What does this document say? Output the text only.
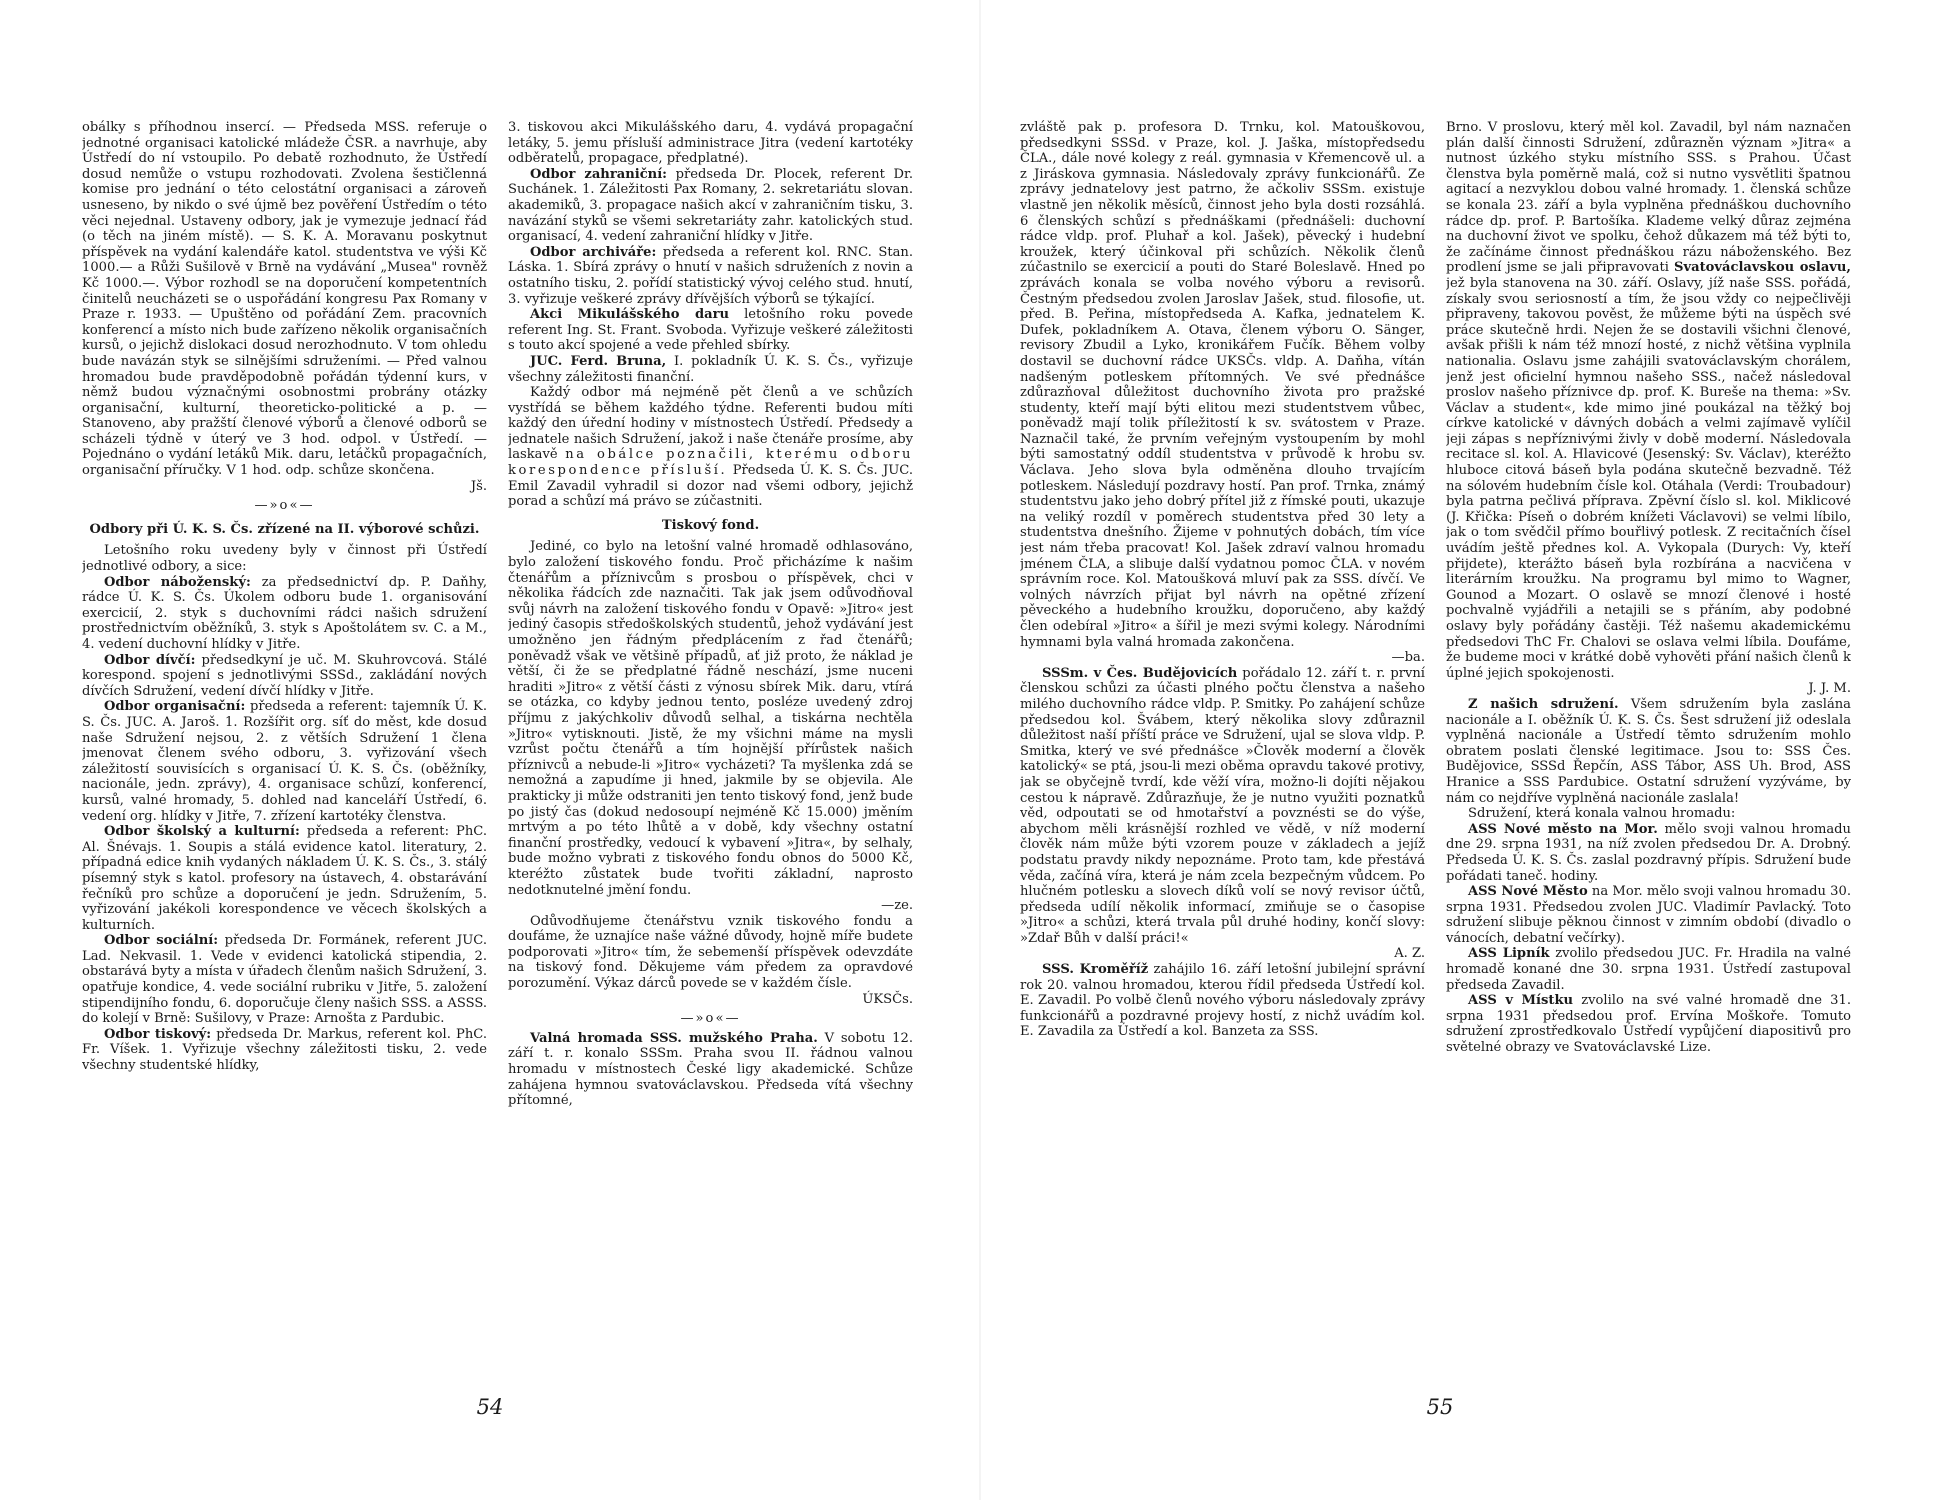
obálky s příhodnou insercí. — Předseda MSS. referuje o jednotné organisaci katolické mládeže ČSR. a navrhuje, aby Ústředí do ní vstoupilo. Po debatě rozhodnuto, že Ústředí dosud nemůže o vstupu rozhodovati. Zvolena šestičlenná komise pro jednání o této celostátní organisaci a zároveň usneseno, by nikdo o své újmě bez pověření Ústředím o této věci nejednal. Ustaveny odbory, jak je vymezuje jednací řád (o těch na jiném místě). — S. K. A. Moravanu poskytnut příspěvek na vydání kalendáře katol. studentstva ve výši Kč 1000.— a Růži Sušilově v Brně na vydávání „Musea" rovněž Kč 1000.—. Výbor rozhodl se na doporučení kompetentních činitelů neucházeti se o uspořádání kongresu Pax Romany v Praze r. 1933. — Upuštěno od pořádání Zem. pracovních konferencí a místo nich bude zařízeno několik organisačních kursů, o jejichž dislokaci dosud nerozhodnuto. V tom ohledu bude navázán styk se silnějšími sdruženími. — Před valnou hromadou bude pravděpodobně pořádán týdenní kurs, v němž budou význačnými osobnostmi probrány otázky organisační, kulturní, theoreticko-politické a p. — Stanoveno, aby pražští členové výborů a členové odborů se scházeli týdně v úterý ve 3 hod. odpol. v Ústředí. — Pojednáno o vydání letáků Mik. daru, letáčků propagačních, organisační příručky. V 1 hod. odp. schůze skončena.

Jš.

—»o«—

Odbory při Ú. K. S. Čs. zřízené na II. výborové schůzi.

Letošního roku uvedeny byly v činnost při Ústředí jednotlivé odbory, a sice:

Odbor náboženský: za předsednictví dp. P. Daňhy, rádce Ú. K. S. Čs. Úkolem odboru bude 1. organisování exercicií, 2. styk s duchovními rádci našich sdružení prostřednictvím oběžníků, 3. styk s Apoštolátem sv. C. a M., 4. vedení duchovní hlídky v Jitře.

Odbor dívčí: předsedkyní je uč. M. Skuhrovcová. Stálé korespond. spojení s jednotlivými SSSd., zakládání nových dívčích Sdružení, vedení dívčí hlídky v Jitře.

Odbor organisační: předseda a referent: tajemník Ú. K. S. Čs. JUC. A. Jaroš. 1. Rozšířit org. síť do měst, kde dosud naše Sdružení nejsou, 2. z větších Sdružení 1 člena jmenovat členem svého odboru, 3. vyřizování všech záležitostí souvisících s organisací Ú. K. S. Čs. (oběžníky, nacionále, jedn. zprávy), 4. organisace schůzí, konferencí, kursů, valné hromady, 5. dohled nad kanceláří Ústředí, 6. vedení org. hlídky v Jitře, 7. zřízení kartotéky členstva.

Odbor školský a kulturní: předseda a referent: PhC. Al. Šnévajs. 1. Soupis a stálá evidence katol. literatury, 2. případná edice knih vydaných nákladem Ú. K. S. Čs., 3. stálý písemný styk s katol. profesory na ústavech, 4. obstarávání řečníků pro schůze a doporučení je jedn. Sdružením, 5. vyřizování jakékoli korespondence ve věcech školských a kulturních.

Odbor sociální: předseda Dr. Formánek, referent JUC. Lad. Nekvasil. 1. Vede v evidenci katolická stipendia, 2. obstarává byty a místa v úřadech členům našich Sdružení, 3. opatřuje kondice, 4. vede sociální rubriku v Jitře, 5. založení stipendijního fondu, 6. doporučuje členy našich SSS. a ASSS. do kolejí v Brně: Sušilovy, v Praze: Arnošta z Pardubic.

Odbor tiskový: předseda Dr. Markus, referent kol. PhC. Fr. Víšek. 1. Vyřizuje všechny záležitosti tisku, 2. vede všechny studentské hlídky,

3. tiskovou akci Mikulášského daru, 4. vydává propagační letáky, 5. jemu přísluší administrace Jitra (vedení kartotéky odběratelů, propagace, předplatné).

Odbor zahraniční: předseda Dr. Plocek, referent Dr. Suchánek. 1. Záležitosti Pax Romany, 2. sekretariátu slovan. akademiků, 3. propagace našich akcí v zahraničním tisku, 3. navázání styků se všemi sekretariáty zahr. katolických stud. organisací, 4. vedení zahraniční hlídky v Jitře.

Odbor archiváře: předseda a referent kol. RNC. Stan. Láska. 1. Sbírá zprávy o hnutí v našich sdruženích z novin a ostatního tisku, 2. pořídí statistický vývoj celého stud. hnutí, 3. vyřizuje veškeré zprávy dřívějších výborů se týkající.

Akci Mikulášského daru letošního roku povede referent Ing. St. Frant. Svoboda. Vyřizuje veškeré záležitosti s touto akcí spojené a vede přehled sbírky.

JUC. Ferd. Bruna, I. pokladník Ú. K. S. Čs., vyřizuje všechny záležitosti finanční.

Každý odbor má nejméně pět členů a ve schůzích vystřídá se během každého týdne. Referenti budou míti každý den úřední hodiny v místnostech Ústředí. Předsedy a jednatele našich Sdružení, jakož i naše čtenáře prosíme, aby laskavě na obálce poznačili, kterému odboru korespondence přísluší. Předseda Ú. K. S. Čs. JUC. Emil Zavadil vyhradil si dozor nad všemi odbory, jejichž porad a schůzí má právo se zúčastniti.

Tiskový fond.

Jediné, co bylo na letošní valné hromadě odhlasováno, bylo založení tiskového fondu. Proč přicházíme k našim čtenářům a příznivcům s prosbou o příspěvek, chci v několika řádcích zde naznačiti. Tak jak jsem odůvodňoval svůj návrh na založení tiskového fondu v Opavě: »Jitro« jest jediný časopis středoškolských studentů, jehož vydávání jest umožněno jen řádným předplácením z řad čtenářů; poněvadž však ve většině případů, ať již proto, že náklad je větší, či že se předplatné řádně neschází, jsme nuceni hraditi »Jitro« z větší části z výnosu sbírek Mik. daru, vtírá se otázka, co kdyby jednou tento, posléze uvedený zdroj příjmu z jakýchkoliv důvodů selhal, a tiskárna nechtěla »Jitro« vytisknouti. Jistě, že my všichni máme na mysli vzrůst počtu čtenářů a tím hojnější přírůstek našich příznivců a nebude-li »Jitro« vycházeti? Ta myšlenka zdá se nemožná a zapudíme ji hned, jakmile by se objevila. Ale prakticky ji může odstraniti jen tento tiskový fond, jenž bude po jistý čas (dokud nedosoupí nejméně Kč 15.000) jměním mrtvým a po této lhůtě a v době, kdy všechny ostatní finanční prostředky, vedoucí k vybavení »Jitra«, by selhaly, bude možno vybrati z tiskového fondu obnos do 5000 Kč, kteréžto zůstatek bude tvořiti základní, naprosto nedotknutelné jmění fondu.

—ze.

Odůvodňujeme čtenářstvu vznik tiskového fondu a doufáme, že uznajíce naše vážné důvody, hojně míře budete podporovati »Jitro« tím, že sebemenší příspěvek odevzdáte na tiskový fond. Děkujeme vám předem za opravdové porozumění. Výkaz dárců povede se v každém čísle.

ÚKSČs.

—»o«—

Valná hromada SSS. mužského Praha. V sobotu 12. září t. r. konalo SSSm. Praha svou II. řádnou valnou hromadu v místnostech České ligy akademické. Schůze zahájena hymnou svatováclavskou. Předseda vítá všechny přítomné,

54

zvláště pak p. profesora D. Trnku, kol. Matouškovou, předsedkyni SSSd. v Praze, kol. J. Jaška, místopředsedu ČLA., dále nové kolegy z reál. gymnasia v Křemencově ul. a z Jiráskova gymnasia. Následovaly zprávy funkcionářů. Ze zprávy jednatelovy jest patrno, že ačkoliv SSSm. existuje vlastně jen několik měsíců, činnost jeho byla dosti rozsáhlá. 6 členských schůzí s přednáškami (přednášeli: duchovní rádce vldp. prof. Pluhař a kol. Jašek), pěvecký i hudební kroužek, který účinkoval při schůzích. Několik členů zúčastnilo se exercicií a pouti do Staré Boleslavě. Hned po zprávách konala se volba nového výboru a revisorů. Čestným předsedou zvolen Jaroslav Jašek, stud. filosofie, ut. před. B. Peřina, místopředseda A. Kafka, jednatelem K. Dufek, pokladníkem A. Otava, členem výboru O. Sänger, revisory Zbudil a Lyko, kronikářem Fučík. Během volby dostavil se duchovní rádce UKSČs. vldp. A. Daňha, vítán nadšeným potleskem přítomných. Ve své přednášce zdůrazňoval důležitost duchovního života pro pražské studenty, kteří mají býti elitou mezi studentstvem vůbec, poněvadž mají tolik příležitostí k sv. svátostem v Praze. Naznačil také, že prvním veřejným vystoupením by mohl býti samostatný oddíl studentstva v průvodě k hrobu sv. Václava. Jeho slova byla odměněna dlouho trvajícím potleskem. Následují pozdravy hostí. Pan prof. Trnka, známý studentstvu jako jeho dobrý přítel již z římské pouti, ukazuje na veliký rozdíl v poměrech studentstva před 30 lety a studentstva dnešního. Žijeme v pohnutých dobách, tím více jest nám třeba pracovat! Kol. Jašek zdraví valnou hromadu jménem ČLA, a slibuje další vydatnou pomoc ČLA. v novém správním roce. Kol. Matoušková mluví pak za SSS. dívčí. Ve volných návrzích přijat byl návrh na opětné zřízení pěveckého a hudebního kroužku, doporučeno, aby každý člen odebíral »Jitro« a šířil je mezi svými kolegy. Národními hymnami byla valná hromada zakončena.

—ba.

SSSm. v Čes. Budějovicích pořádalo 12. září t. r. první členskou schůzi za účasti plného počtu členstva a našeho milého duchovního rádce vldp. P. Smitky. Po zahájení schůze předsedou kol. Švábem, který několika slovy zdůraznil důležitost naší příští práce ve Sdružení, ujal se slova vldp. P. Smitka, který ve své přednášce »Člověk moderní a člověk katolický« se ptá, jsou-li mezi oběma opravdu takové protivy, jak se obyčejně tvrdí, kde věží víra, možno-li dojíti nějakou cestou k nápravě. Zdůrazňuje, že je nutno využiti poznatků věd, odpoutati se od hmotařství a povznésti se do výše, abychom měli krásnější rozhled ve vědě, v níž moderní člověk nám může býti vzorem pouze v základech a jejíž podstatu pravdy nikdy nepoznáme. Proto tam, kde přestává věda, začíná víra, která je nám zcela bezpečným vůdcem. Po hlučném potlesku a slovech díků volí se nový revisor účtů, předseda udílí několik informací, zmiňuje se o časopise »Jitro« a schůzi, která trvala půl druhé hodiny, končí slovy: »Zdař Bůh v další práci!«

A. Z.

SSS. Kroměříž zahájilo 16. září letošní jubilejní správní rok 20. valnou hromadou, kterou řídil předseda Ústředí kol. E. Zavadil. Po volbě členů nového výboru následovaly zprávy funkcionářů a pozdravné projevy hostí, z nichž uvádím kol. E. Zavadila za Ústředí a kol. Banzeta za SSS.

Brno. V proslovu, který měl kol. Zavadil, byl nám naznačen plán další činnosti Sdružení, zdůrazněn význam »Jitra« a nutnost úzkého styku místního SSS. s Prahou. Účast členstva byla poměrně malá, což si nutno vysvětliti špatnou agitací a nezvyklou dobou valné hromady. 1. členská schůze se konala 23. září a byla vyplněna přednáškou duchovního rádce dp. prof. P. Bartošíka. Klademe velký důraz zejména na duchovní život ve spolku, čehož důkazem má též býti to, že začínáme činnost přednáškou rázu náboženského. Bez prodlení jsme se jali připravovati Svatováclavskou oslavu, jež byla stanovena na 30. září. Oslavy, jíž naše SSS. pořádá, získaly svou seriosností a tím, že jsou vždy co nejpečlivěji připraveny, takovou pověst, že můžeme býti na úspěch své práce skutečně hrdi. Nejen že se dostavili všichni členové, avšak přišli k nám též mnozí hosté, z nichž většina vyplnila nationalia. Oslavu jsme zahájili svatováclavským chorálem, jenž jest oficielní hymnou našeho SSS., načež následoval proslov našeho příznivce dp. prof. K. Bureše na thema: »Sv. Václav a student«, kde mimo jiné poukázal na těžký boj církve katolické v dávných dobách a velmi zajímavě vylíčil jeji zápas s nepříznivými živly v době moderní. Následovala recitace sl. kol. A. Hlavicové (Jesenský: Sv. Václav), kteréžto hluboce citová báseň byla podána skutečně bezvadně. Též na sólovém hudebním čísle kol. Otáhala (Verdi: Troubadour) byla patrna pečlivá příprava. Zpěvní číslo sl. kol. Miklicové (J. Křička: Píseň o dobrém knížeti Václavovi) se velmi líbilo, jak o tom svědčil přímo bouřlivý potlesk. Z recitačních čísel uvádím ještě přednes kol. A. Vykopala (Durych: Vy, kteří přijdete), kterážto báseň byla rozbírána a nacvičena v literárním kroužku. Na programu byl mimo to Wagner, Gounod a Mozart. O oslavě se mnozí členové i hosté pochvalně vyjádřili a netajili se s přáním, aby podobné oslavy byly pořádány častěji. Též našemu akademickému předsedovi ThC Fr. Chalovi se oslava velmi líbila. Doufáme, že budeme moci v krátké době vyhověti přání našich členů k úplné jejich spokojenosti.

J. J. M.

Z našich sdružení. Všem sdružením byla zaslána nacionále a I. oběžník Ú. K. S. Čs. Šest sdružení již odeslala vyplněná nacionále a Ústředí těmto sdružením mohlo obratem poslati členské legitimace. Jsou to: SSS Čes. Budějovice, SSSd Řepčín, ASS Tábor, ASS Uh. Brod, ASS Hranice a SSS Pardubice. Ostatní sdružení vyzýváme, by nám co nejdříve vyplněná nacionále zaslala!

Sdružení, která konala valnou hromadu:

ASS Nové město na Mor. mělo svoji valnou hromadu dne 29. srpna 1931, na níž zvolen předsedou Dr. A. Drobný. Předseda Ú. K. S. Čs. zaslal pozdravný přípis. Sdružení bude pořádati taneč. hodiny.

ASS Nové Město na Mor. mělo svoji valnou hromadu 30. srpna 1931. Předsedou zvolen JUC. Vladimír Pavlacký. Toto sdružení slibuje pěknou činnost v zimním období (divadlo o vánocích, debatní večírky).

ASS Lipník zvolilo předsedou JUC. Fr. Hradila na valné hromadě konané dne 30. srpna 1931. Ústředí zastupoval předseda Zavadil.

ASS v Místku zvolilo na své valné hromadě dne 31. srpna 1931 předsedou prof. Ervína Moškoře. Tomuto sdružení zprostředkovalo Ústředí vypůjčení diapositivů pro světelné obrazy ve Svatováclavské Lize.

55
